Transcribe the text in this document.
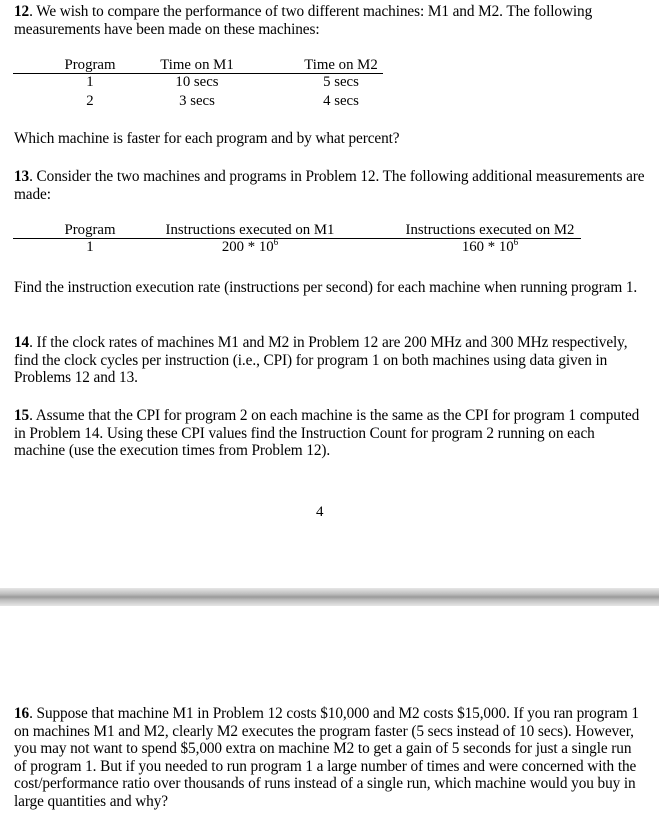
12. We wish to compare the performance of two different machines: M1 and M2. The following measurements have been made on these machines:

Program	Time on M1	Time on M2
1	10 secs	5 secs
2	3 secs	4 secs

Which machine is faster for each program and by what percent?

13. Consider the two machines and programs in Problem 12. The following additional measurements are made:

Program	Instructions executed on M1	Instructions executed on M2
1	$200 * 10^6$	$160 * 10^6$

Find the instruction execution rate (instructions per second) for each machine when running program 1.

14. If the clock rates of machines M1 and M2 in Problem 12 are 200 MHz and 300 MHz respectively, find the clock cycles per instruction (i.e., CPI) for program 1 on both machines using data given in Problems 12 and 13.

15. Assume that the CPI for program 2 on each machine is the same as the CPI for program 1 computed in Problem 14. Using these CPI values find the Instruction Count for program 2 running on each machine (use the execution times from Problem 12).

4

16. Suppose that machine M1 in Problem 12 costs $10,000 and M2 costs $15,000. If you ran program 1 on machines M1 and M2, clearly M2 executes the program faster (5 secs instead of 10 secs). However, you may not want to spend $5,000 extra on machine M2 to get a gain of 5 seconds for just a single run of program 1. But if you needed to run program 1 a large number of times and were concerned with the cost/performance ratio over thousands of runs instead of a single run, which machine would you buy in large quantities and why?
